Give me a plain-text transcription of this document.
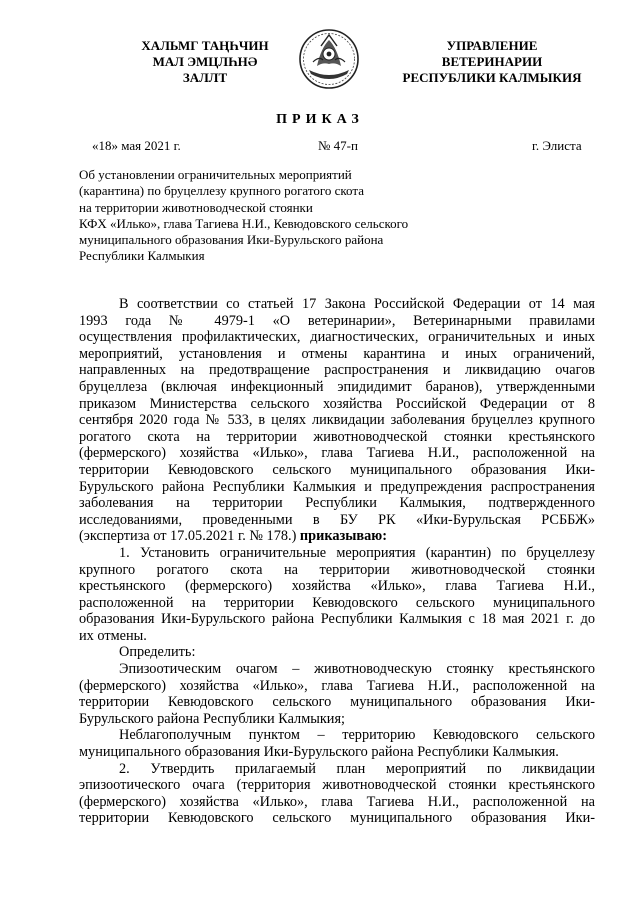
ХАЛЬМГ ТАҢҺЧИН
МАЛ ЭМЦЛҺНӘ
ЗАЛЛТ
УПРАВЛЕНИЕ
ВЕТЕРИНАРИИ
РЕСПУБЛИКИ КАЛМЫКИЯ
ПРИКАЗ
«18» мая 2021 г.	№ 47-п	г. Элиста
Об установлении ограничительных мероприятий
(карантина) по бруцеллезу крупного рогатого скота
на территории животноводческой стоянки
КФХ «Илько», глава Тагиева Н.И., Кевюдовского сельского
муниципального образования Ики-Бурульского района
Республики Калмыкия
В соответствии со статьей 17 Закона Российской Федерации от 14 мая
1993 года № 4979-1 «О ветеринарии», Ветеринарными правилами
осуществления профилактических, диагностических, ограничительных и иных
мероприятий, установления и отмены карантина и иных ограничений,
направленных на предотвращение распространения и ликвидацию очагов
бруцеллеза (включая инфекционный эпидидимит баранов), утвержденными
приказом Министерства сельского хозяйства Российской Федерации от 8
сентября 2020 года № 533, в целях ликвидации заболевания бруцеллез крупного
рогатого скота на территории животноводческой стоянки крестьянского
(фермерского) хозяйства «Илько», глава Тагиева Н.И., расположенной на
территории Кевюдовского сельского муниципального образования Ики-
Бурульского района Республики Калмыкия и предупреждения распространения
заболевания на территории Республики Калмыкия, подтвержденного
исследованиями, проведенными в БУ РК «Ики-Бурульская РСББЖ»
(экспертиза от 17.05.2021 г. № 178.) приказываю:
1. Установить ограничительные мероприятия (карантин) по бруцеллезу
крупного рогатого скота на территории животноводческой стоянки
крестьянского (фермерского) хозяйства «Илько», глава Тагиева Н.И.,
расположенной на территории Кевюдовского сельского муниципального
образования Ики-Бурульского района Республики Калмыкия с 18 мая 2021 г. до
их отмены.
Определить:
Эпизоотическим очагом – животноводческую стоянку крестьянского
(фермерского) хозяйства «Илько», глава Тагиева Н.И., расположенной на
территории Кевюдовского сельского муниципального образования Ики-
Бурульского района Республики Калмыкия;
Неблагополучным пунктом – территорию Кевюдовского сельского
муниципального образования Ики-Бурульского района Республики Калмыкия.
2. Утвердить прилагаемый план мероприятий по ликвидации
эпизоотического очага (территория животноводческой стоянки крестьянского
(фермерского) хозяйства «Илько», глава Тагиева Н.И., расположенной на
территории Кевюдовского сельского муниципального образования Ики-
